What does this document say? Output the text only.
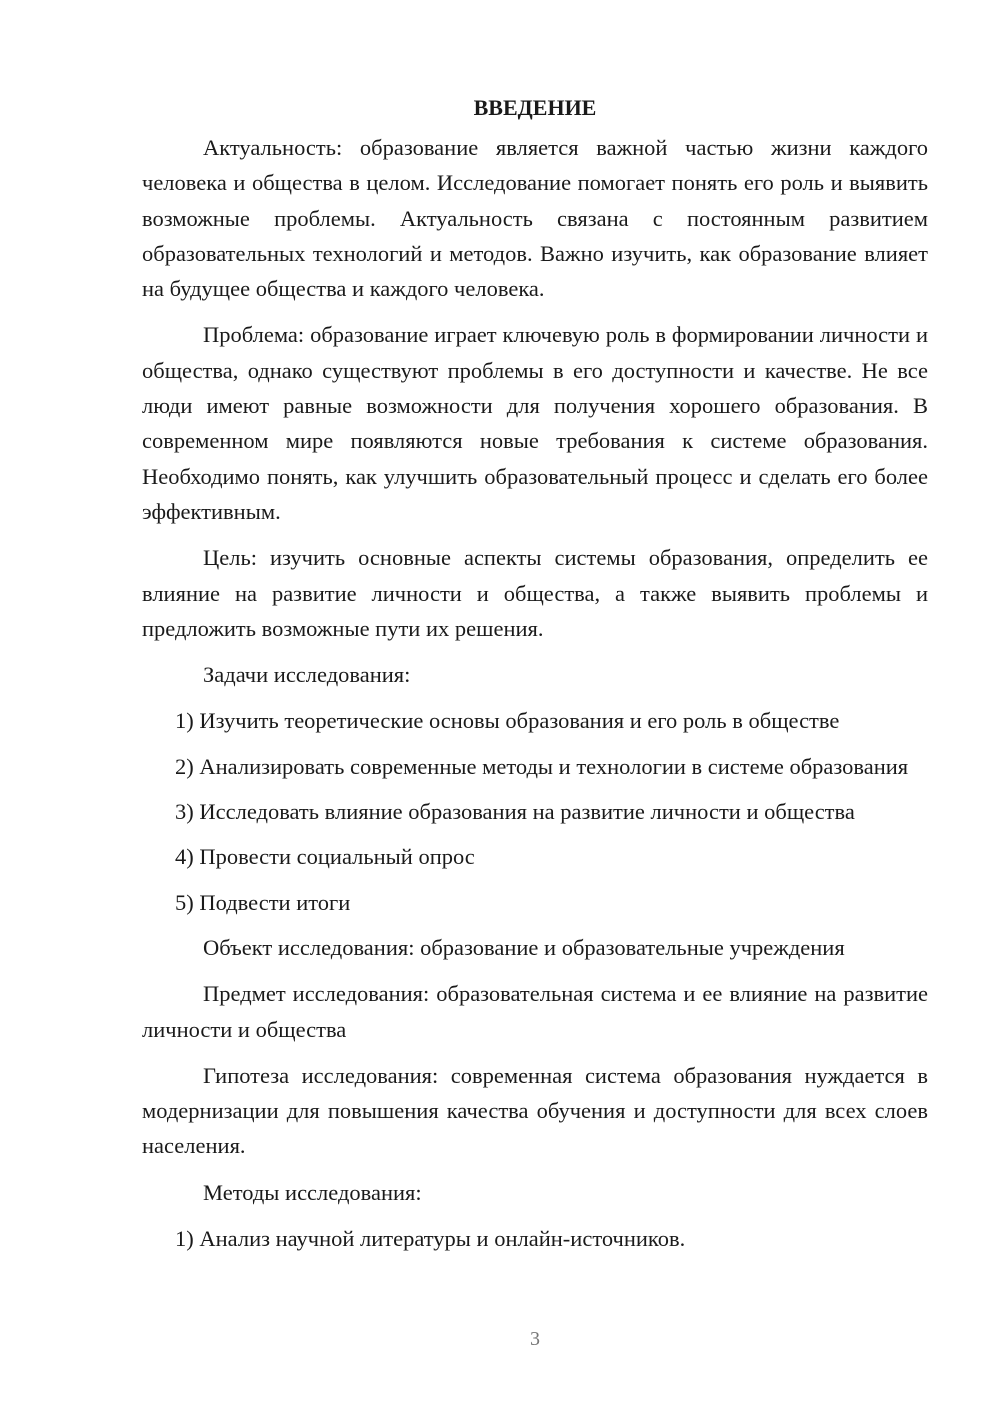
ВВЕДЕНИЕ

Актуальность: образование является важной частью жизни каждого человека и общества в целом. Исследование помогает понять его роль и выявить возможные проблемы. Актуальность связана с постоянным развитием образовательных технологий и методов. Важно изучить, как образование влияет на будущее общества и каждого человека.

Проблема: образование играет ключевую роль в формировании личности и общества, однако существуют проблемы в его доступности и качестве. Не все люди имеют равные возможности для получения хорошего образования. В современном мире появляются новые требования к системе образования. Необходимо понять, как улучшить образовательный процесс и сделать его более эффективным.

Цель: изучить основные аспекты системы образования, определить ее влияние на развитие личности и общества, а также выявить проблемы и предложить возможные пути их решения.

Задачи исследования:

1) Изучить теоретические основы образования и его роль в обществе

2) Анализировать современные методы и технологии в системе образования

3) Исследовать влияние образования на развитие личности и общества

4) Провести социальный опрос

5) Подвести итоги

Объект исследования: образование и образовательные учреждения

Предмет исследования: образовательная система и ее влияние на развитие личности и общества

Гипотеза исследования: современная система образования нуждается в модернизации для повышения качества обучения и доступности для всех слоев населения.

Методы исследования:

1) Анализ научной литературы и онлайн-источников.

3
